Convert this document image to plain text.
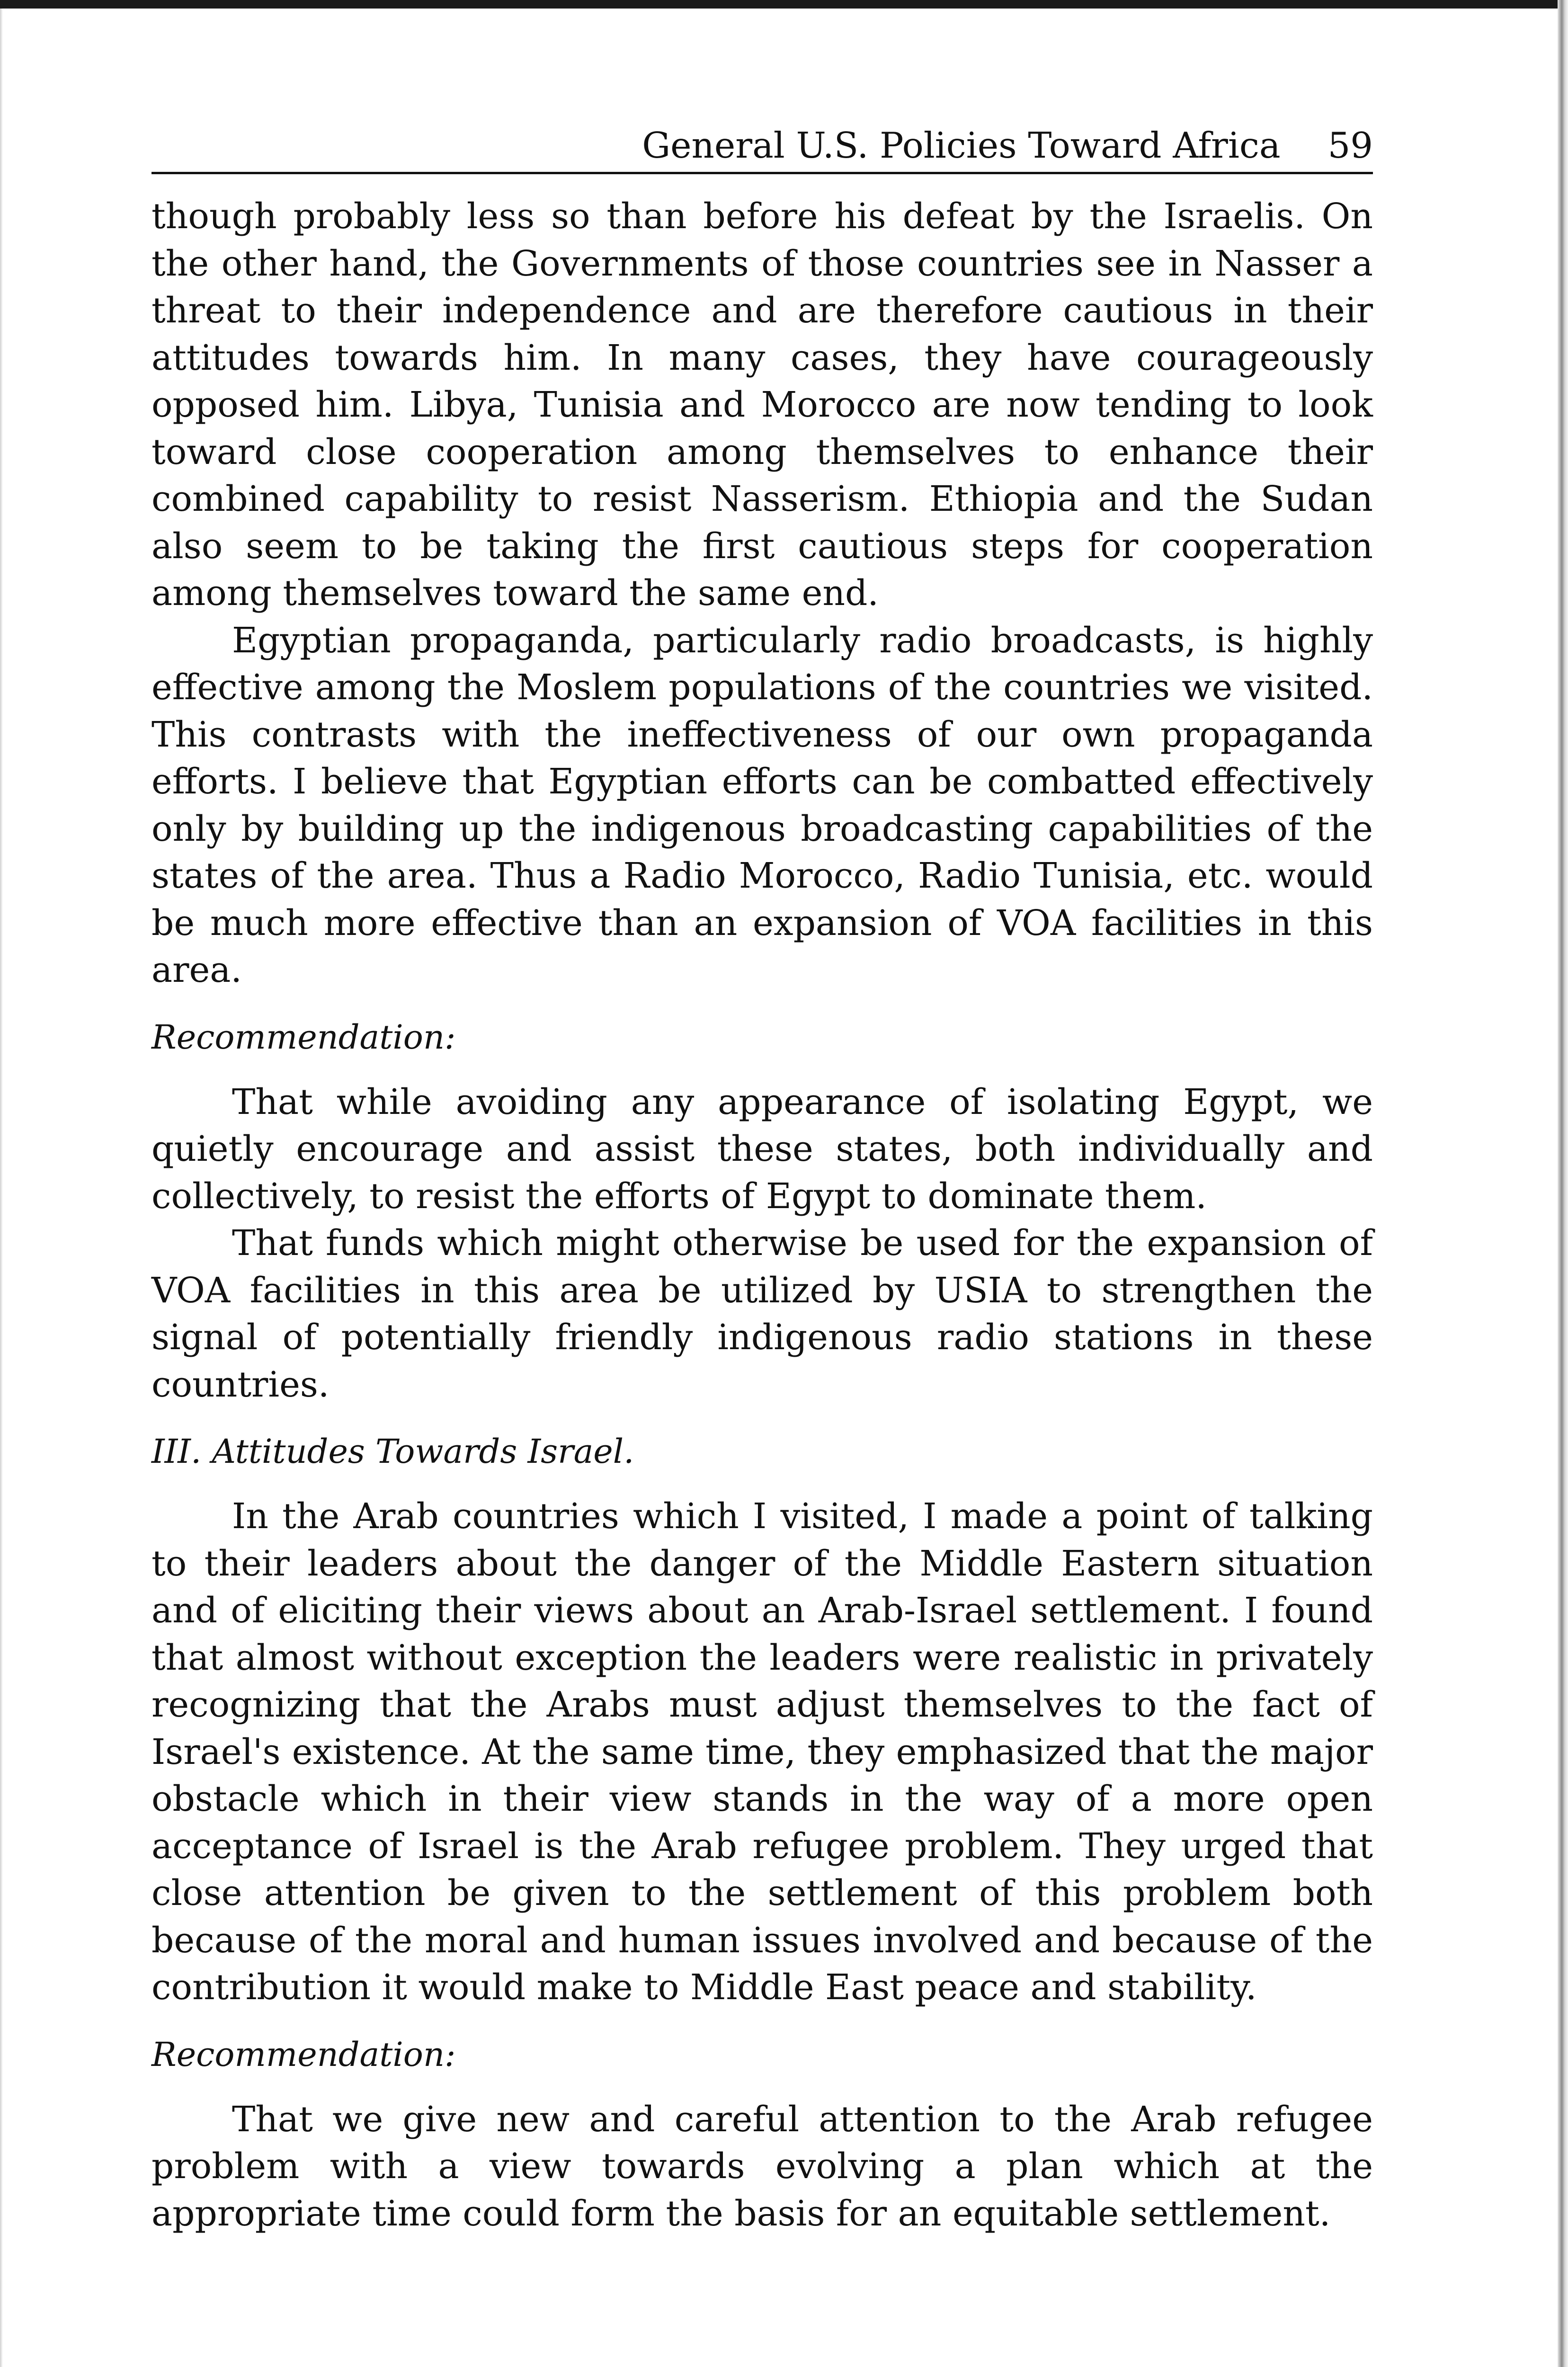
General U.S. Policies Toward Africa 59

though probably less so than before his defeat by the Israelis. On the other hand, the Governments of those countries see in Nasser a threat to their independence and are therefore cautious in their attitudes towards him. In many cases, they have courageously opposed him. Libya, Tunisia and Morocco are now tending to look toward close cooperation among themselves to enhance their combined capability to resist Nasserism. Ethiopia and the Sudan also seem to be taking the first cautious steps for cooperation among themselves toward the same end.

Egyptian propaganda, particularly radio broadcasts, is highly effective among the Moslem populations of the countries we visited. This contrasts with the ineffectiveness of our own propaganda efforts. I believe that Egyptian efforts can be combatted effectively only by building up the indigenous broadcasting capabilities of the states of the area. Thus a Radio Morocco, Radio Tunisia, etc. would be much more effective than an expansion of VOA facilities in this area.

Recommendation:

That while avoiding any appearance of isolating Egypt, we quietly encourage and assist these states, both individually and collectively, to resist the efforts of Egypt to dominate them.

That funds which might otherwise be used for the expansion of VOA facilities in this area be utilized by USIA to strengthen the signal of potentially friendly indigenous radio stations in these countries.

III. Attitudes Towards Israel.

In the Arab countries which I visited, I made a point of talking to their leaders about the danger of the Middle Eastern situation and of eliciting their views about an Arab-Israel settlement. I found that almost without exception the leaders were realistic in privately recognizing that the Arabs must adjust themselves to the fact of Israel's existence. At the same time, they emphasized that the major obstacle which in their view stands in the way of a more open acceptance of Israel is the Arab refugee problem. They urged that close attention be given to the settlement of this problem both because of the moral and human issues involved and because of the contribution it would make to Middle East peace and stability.

Recommendation:

That we give new and careful attention to the Arab refugee problem with a view towards evolving a plan which at the appropriate time could form the basis for an equitable settlement.
